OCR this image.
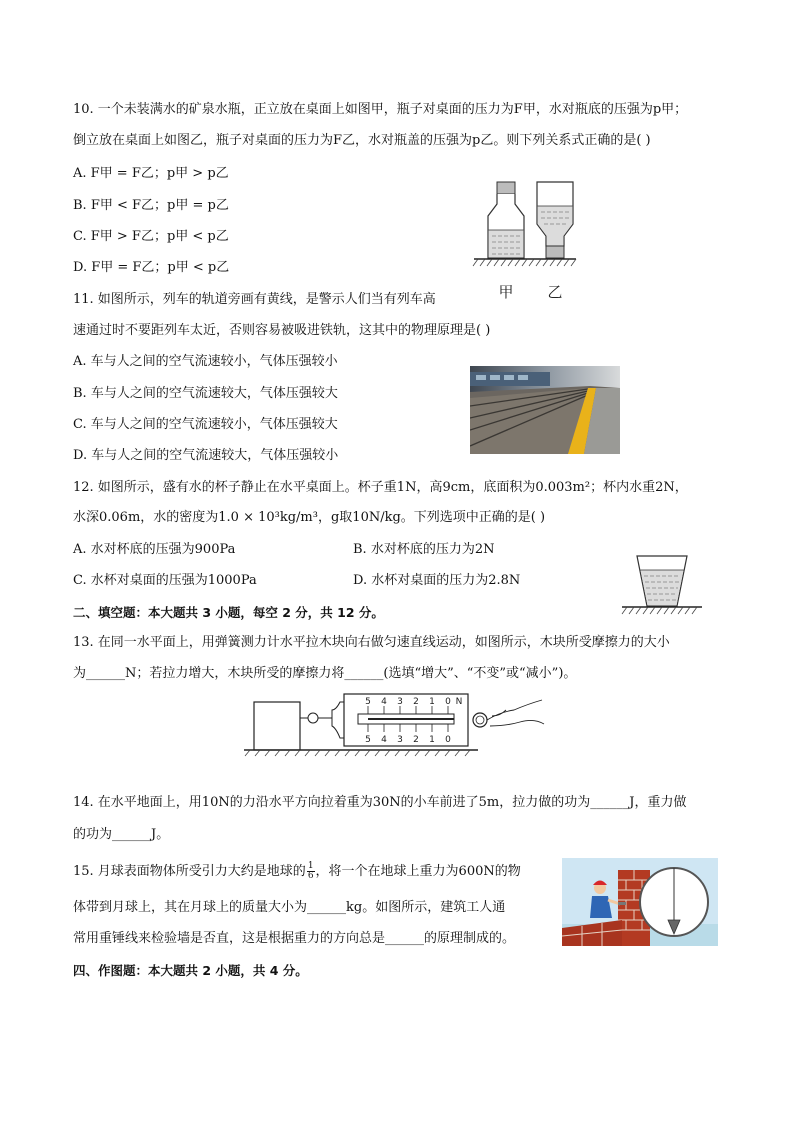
10. 一个未装满水的矿泉水瓶，正立放在桌面上如图甲，瓶子对桌面的压力为F甲，水对瓶底的压强为p甲；
倒立放在桌面上如图乙，瓶子对桌面的压力为F乙，水对瓶盖的压强为p乙。则下列关系式正确的是( )
A. F甲 = F乙；p甲 > p乙
B. F甲 < F乙；p甲 = p乙
C. F甲 > F乙；p甲 < p乙
D. F甲 = F乙；p甲 < p乙
甲 乙
11. 如图所示，列车的轨道旁画有黄线，是警示人们当有列车高
速通过时不要距列车太近，否则容易被吸进铁轨，这其中的物理原理是( )
A. 车与人之间的空气流速较小，气体压强较小
B. 车与人之间的空气流速较大，气体压强较大
C. 车与人之间的空气流速较小，气体压强较大
D. 车与人之间的空气流速较大，气体压强较小
12. 如图所示，盛有水的杯子静止在水平桌面上。杯子重1N，高9cm，底面积为0.003m²；杯内水重2N，
水深0.06m，水的密度为1.0 × 10³kg/m³，g取10N/kg。下列选项中正确的是( )
A. 水对杯底的压强为900Pa	B. 水对杯底的压力为2N
C. 水杯对桌面的压强为1000Pa	D. 水杯对桌面的压力为2.8N
二、填空题：本大题共 3 小题，每空 2 分，共 12 分。
13. 在同一水平面上，用弹簧测力计水平拉木块向右做匀速直线运动，如图所示，木块所受摩擦力的大小
为______N；若拉力增大，木块所受的摩擦力将______(选填“增大”、“不变”或“减小”)。
5 4 3 2 1 0
5 4 3 2 1 0
N
14. 在水平地面上，用10N的力沿水平方向拉着重为30N的小车前进了5m，拉力做的功为______J，重力做
的功为______J。
15. 月球表面物体所受引力大约是地球的 $\frac{1}{6}$ ，将一个在地球上重力为600N的物
体带到月球上，其在月球上的质量大小为______kg。如图所示，建筑工人通
常用重锤线来检验墙是否直，这是根据重力的方向总是______的原理制成的。
四、作图题：本大题共 2 小题，共 4 分。
